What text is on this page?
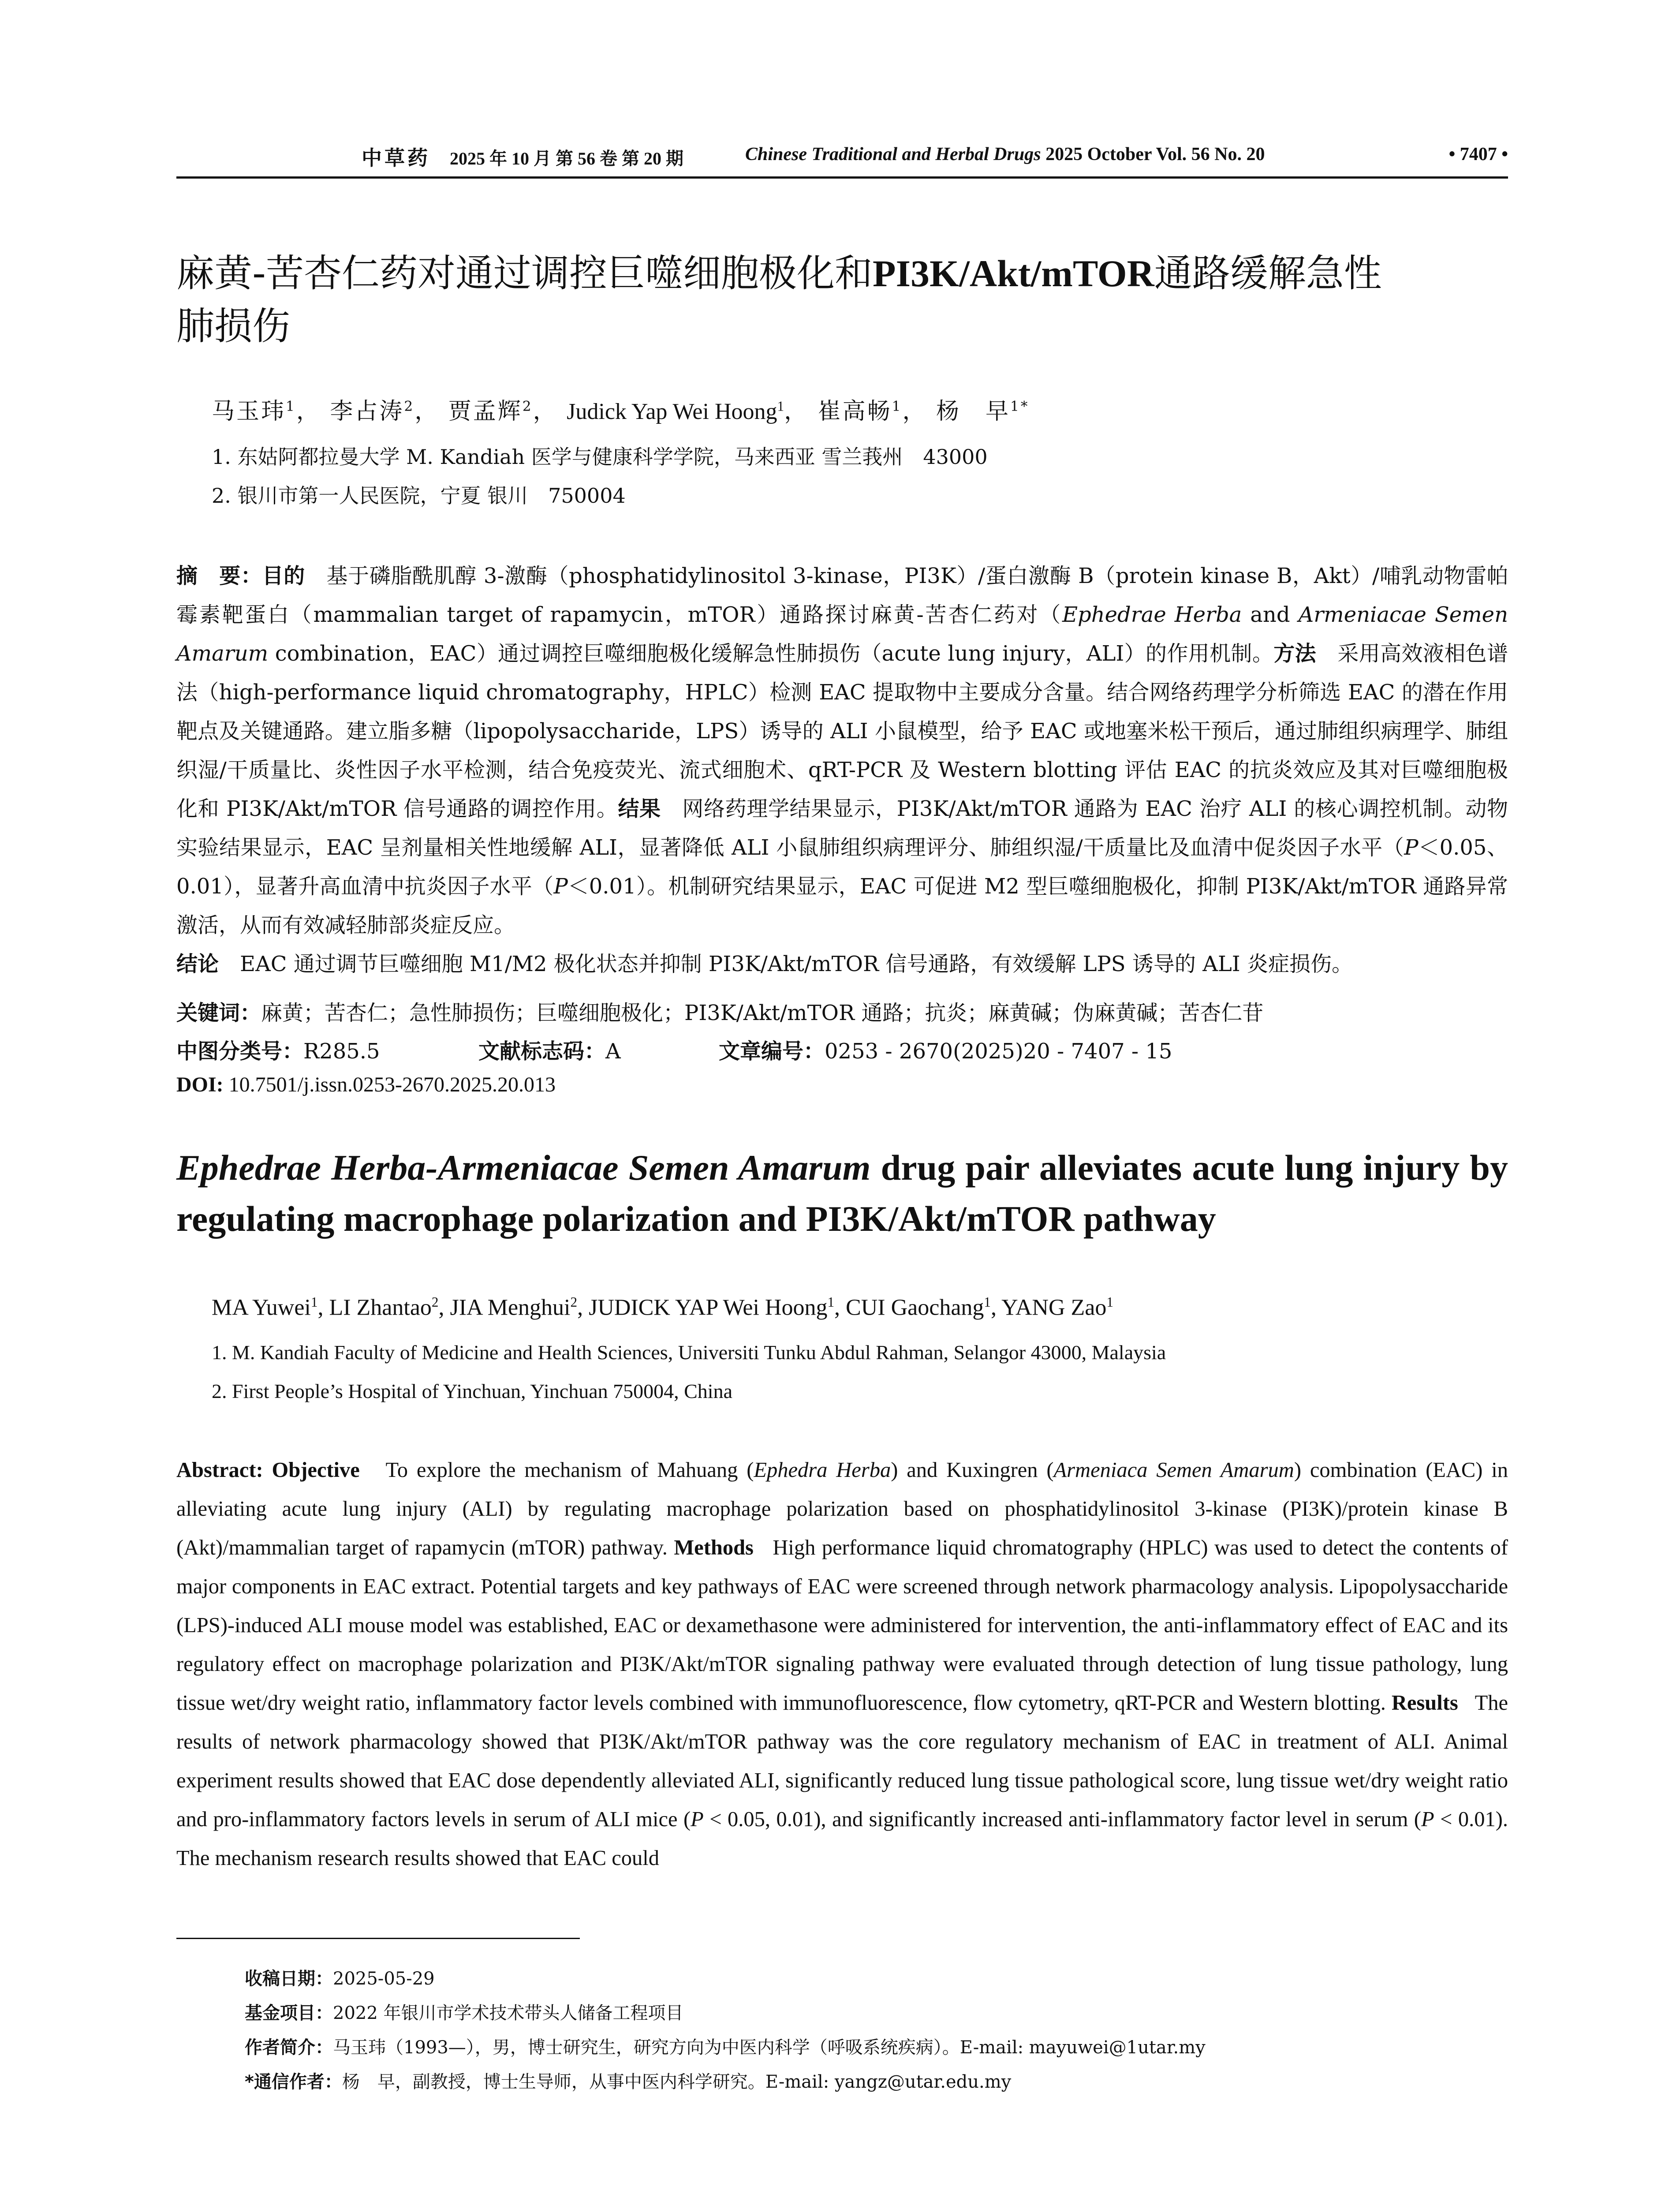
中草药 2025 年 10 月 第 56 卷 第 20 期	Chinese Traditional and Herbal Drugs 2025 October Vol. 56 No. 20	• 7407 •
麻黄-苦杏仁药对通过调控巨噬细胞极化和PI3K/Akt/mTOR通路缓解急性
肺损伤
马玉玮$^1$， 李占涛$^2$， 贾孟辉$^2$， Judick Yap Wei Hoong$^1$， 崔高畅$^1$， 杨　早$^{1*}$
1. 东姑阿都拉曼大学 M. Kandiah 医学与健康科学学院，马来西亚 雪兰莪州　43000
2. 银川市第一人民医院，宁夏 银川　750004
摘　要：目的　 基于磷脂酰肌醇 3-激酶（phosphatidylinositol 3-kinase，PI3K）/蛋白激酶 B（protein kinase B，Akt）/哺乳动物雷帕霉素靶蛋白（mammalian target of rapamycin，mTOR）通路探讨麻黄-苦杏仁药对（Ephedrae Herba and Armeniacae Semen Amarum combination，EAC）通过调控巨噬细胞极化缓解急性肺损伤（acute lung injury，ALI）的作用机制。方法　 采用高效液相色谱法（high-performance liquid chromatography，HPLC）检测 EAC 提取物中主要成分含量。结合网络药理学分析筛选 EAC 的潜在作用靶点及关键通路。建立脂多糖（lipopolysaccharide，LPS）诱导的 ALI 小鼠模型，给予 EAC 或地塞米松干预后，通过肺组织病理学、肺组织湿/干质量比、炎性因子水平检测，结合免疫荧光、流式细胞术、qRT-PCR 及 Western blotting 评估 EAC 的抗炎效应及其对巨噬细胞极化和 PI3K/Akt/mTOR 信号通路的调控作用。结果　 网络药理学结果显示，PI3K/Akt/mTOR 通路为 EAC 治疗 ALI 的核心调控机制。动物实验结果显示，EAC 呈剂量相关性地缓解 ALI，显著降低 ALI 小鼠肺组织病理评分、肺组织湿/干质量比及血清中促炎因子水平（P＜0.05、0.01），显著升高血清中抗炎因子水平（P＜0.01）。机制研究结果显示，EAC 可促进 M2 型巨噬细胞极化，抑制 PI3K/Akt/mTOR 通路异常激活，从而有效减轻肺部炎症反应。
结论　 EAC 通过调节巨噬细胞 M1/M2 极化状态并抑制 PI3K/Akt/mTOR 信号通路，有效缓解 LPS 诱导的 ALI 炎症损伤。
关键词：麻黄；苦杏仁；急性肺损伤；巨噬细胞极化；PI3K/Akt/mTOR 通路；抗炎；麻黄碱；伪麻黄碱；苦杏仁苷
中图分类号：R285.5	文献标志码：A	文章编号：0253 - 2670(2025)20 - 7407 - 15
DOI: 10.7501/j.issn.0253-2670.2025.20.013
Ephedrae Herba-Armeniacae Semen Amarum drug pair alleviates acute lung injury by regulating macrophage polarization and PI3K/Akt/mTOR pathway
MA Yuwei$^1$, LI Zhantao$^2$, JIA Menghui$^2$, JUDICK YAP Wei Hoong$^1$, CUI Gaochang$^1$, YANG Zao$^1$
1. M. Kandiah Faculty of Medicine and Health Sciences, Universiti Tunku Abdul Rahman, Selangor 43000, Malaysia
2. First People’s Hospital of Yinchuan, Yinchuan 750004, China
Abstract: Objective To explore the mechanism of Mahuang (Ephedra Herba) and Kuxingren (Armeniaca Semen Amarum) combination (EAC) in alleviating acute lung injury (ALI) by regulating macrophage polarization based on phosphatidylinositol 3-kinase (PI3K)/protein kinase B (Akt)/mammalian target of rapamycin (mTOR) pathway. Methods High performance liquid chromatography (HPLC) was used to detect the contents of major components in EAC extract. Potential targets and key pathways of EAC were screened through network pharmacology analysis. Lipopolysaccharide (LPS)-induced ALI mouse model was established, EAC or dexamethasone were administered for intervention, the anti-inflammatory effect of EAC and its regulatory effect on macrophage polarization and PI3K/Akt/mTOR signaling pathway were evaluated through detection of lung tissue pathology, lung tissue wet/dry weight ratio, inflammatory factor levels combined with immunofluorescence, flow cytometry, qRT-PCR and Western blotting. Results The results of network pharmacology showed that PI3K/Akt/mTOR pathway was the core regulatory mechanism of EAC in treatment of ALI. Animal experiment results showed that EAC dose dependently alleviated ALI, significantly reduced lung tissue pathological score, lung tissue wet/dry weight ratio and pro-inflammatory factors levels in serum of ALI mice (P < 0.05, 0.01), and significantly increased anti-inflammatory factor level in serum (P < 0.01). The mechanism research results showed that EAC could
收稿日期：2025-05-29
基金项目：2022 年银川市学术技术带头人储备工程项目
作者简介：马玉玮（1993—），男，博士研究生，研究方向为中医内科学（呼吸系统疾病）。E-mail: mayuwei@1utar.my
*通信作者：杨　早，副教授，博士生导师，从事中医内科学研究。E-mail: yangz@utar.edu.my
